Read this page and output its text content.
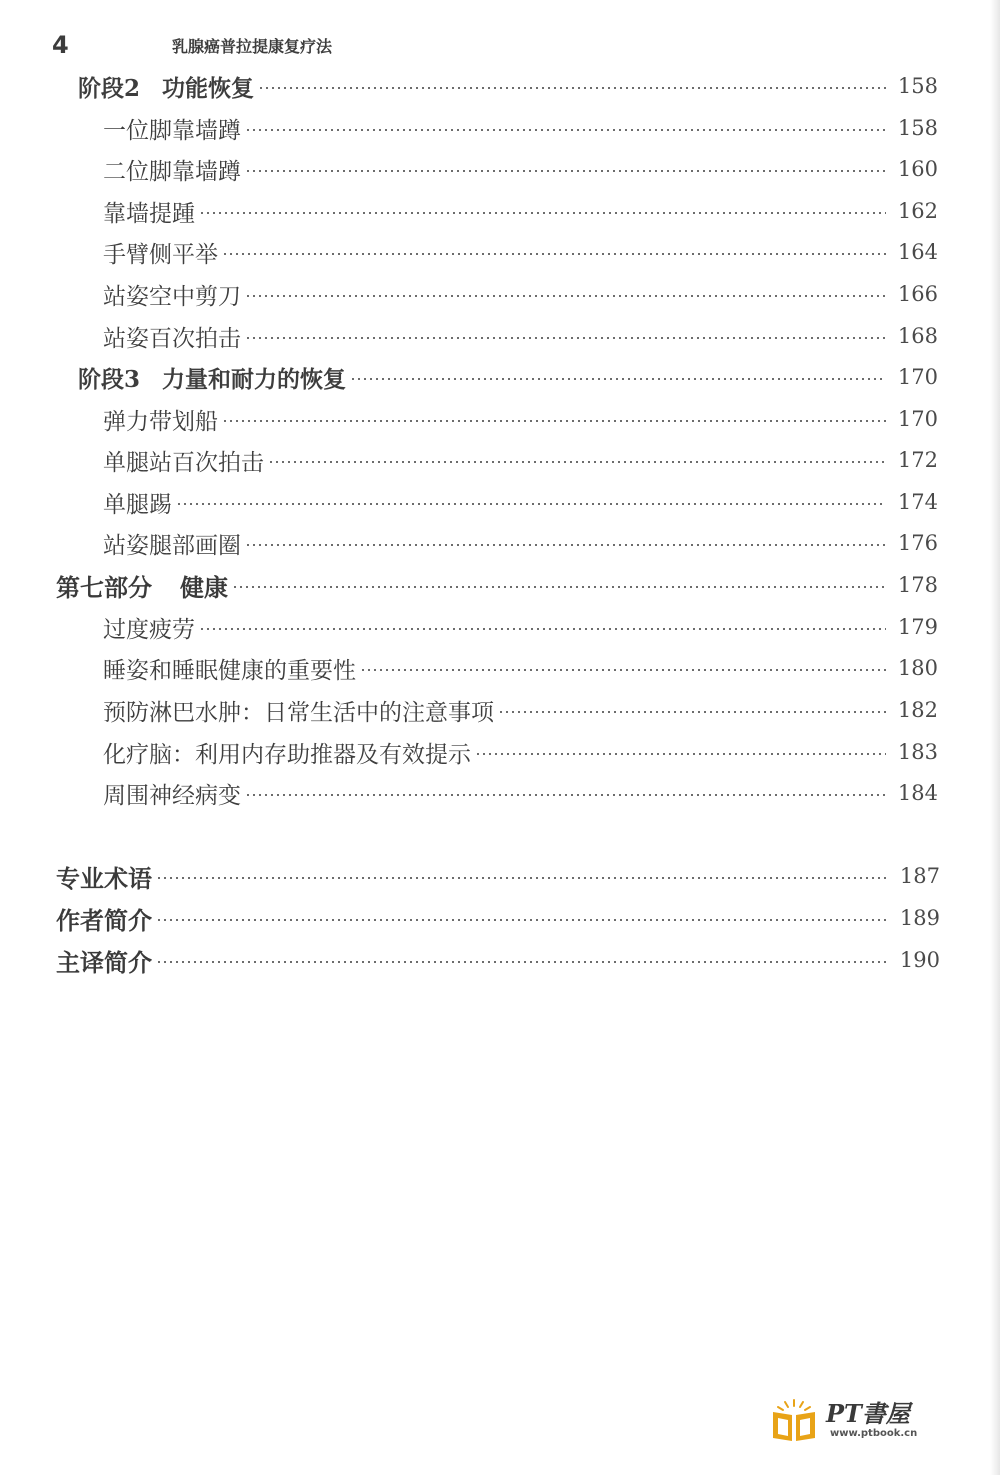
4	乳腺癌普拉提康复疗法
阶段2 功能恢复	158
一位脚靠墙蹲	158
二位脚靠墙蹲	160
靠墙提踵	162
手臂侧平举	164
站姿空中剪刀	166
站姿百次拍击	168
阶段3 力量和耐力的恢复	170
弹力带划船	170
单腿站百次拍击	172
单腿踢	174
站姿腿部画圈	176
第七部分 健康	178
过度疲劳	179
睡姿和睡眠健康的重要性	180
预防淋巴水肿：日常生活中的注意事项	182
化疗脑：利用内存助推器及有效提示	183
周围神经病变	184
专业术语	187
作者简介	189
主译简介	190
PT書屋
www.ptbook.cn
